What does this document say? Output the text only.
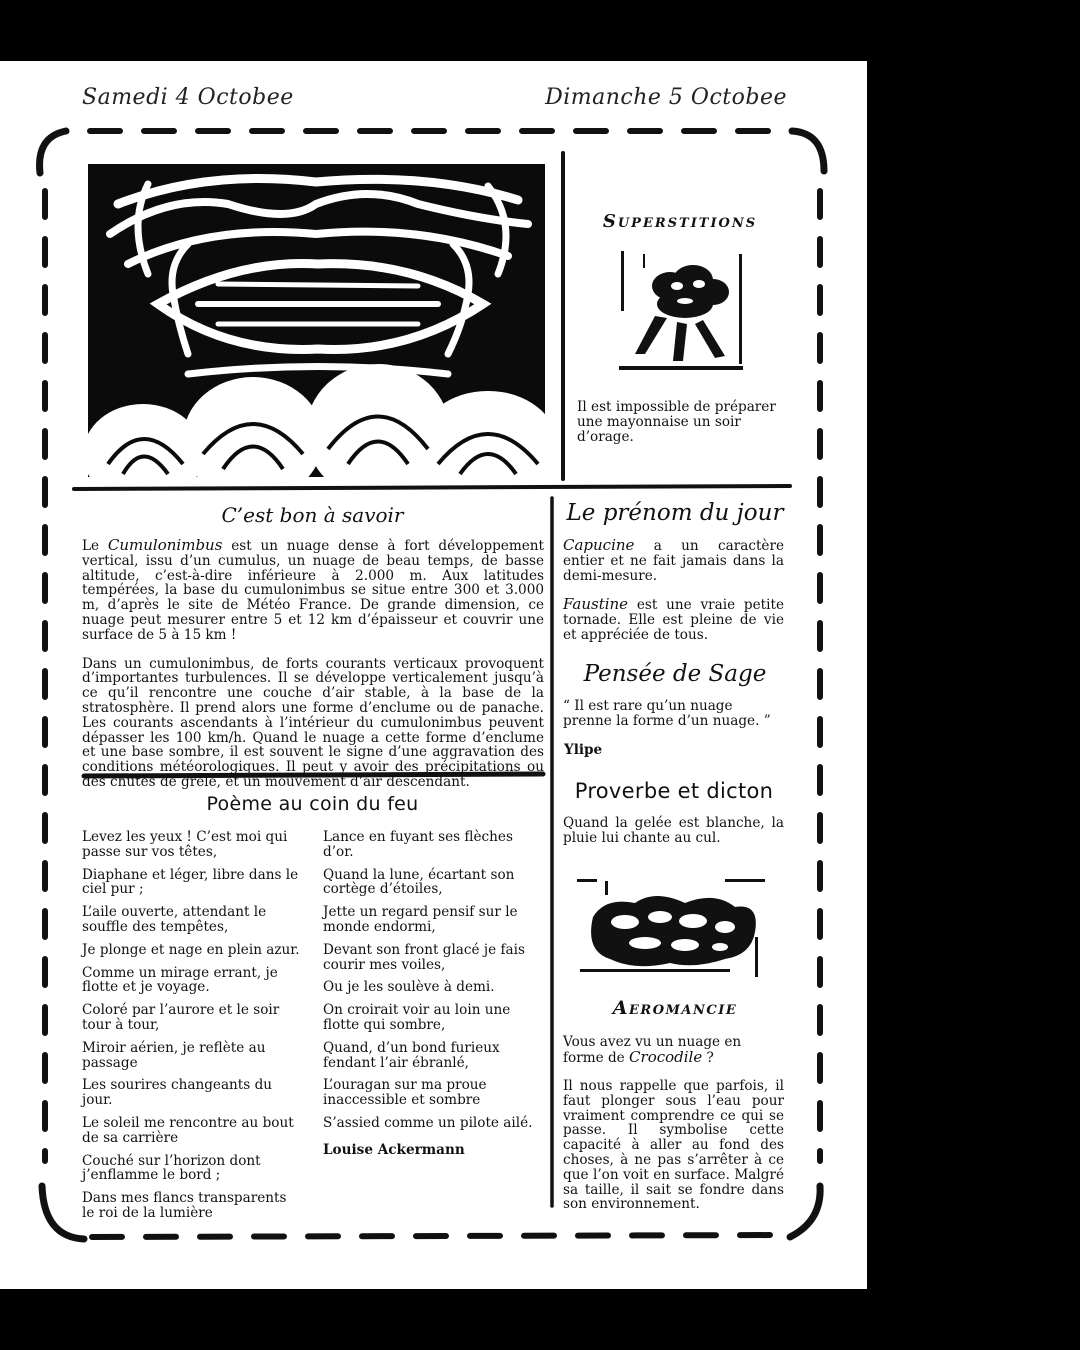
Samedi 4 Octobee	Dimanche 5 Octobee
Superstitions
Il est impossible de préparer une mayonnaise un soir d’orage.
C’est bon à savoir

Le Cumulonimbus est un nuage dense à fort développement vertical, issu d’un cumulus, un nuage de beau temps, de basse altitude, c’est-à-dire inférieure à 2.000 m. Aux latitudes tempérées, la base du cumulonimbus se situe entre 300 et 3.000 m, d’après le site de Météo France. De grande dimension, ce nuage peut mesurer entre 5 et 12 km d’épaisseur et couvrir une surface de 5 à 15 km !

Dans un cumulonimbus, de forts courants verticaux provoquent d’importantes turbulences. Il se développe verticalement jusqu’à ce qu’il rencontre une couche d’air stable, à la base de la stratosphère. Il prend alors une forme d’enclume ou de panache. Les courants ascendants à l’intérieur du cumulonimbus peuvent dépasser les 100 km/h. Quand le nuage a cette forme d’enclume et une base sombre, il est souvent le signe d’une aggravation des conditions météorologiques. Il peut y avoir des précipitations ou des chutes de grêle, et un mouvement d’air descendant.

Poème au coin du feu
Levez les yeux ! C’est moi qui passe sur vos têtes,
Diaphane et léger, libre dans le ciel pur ;
L’aile ouverte, attendant le souffle des tempêtes,
Je plonge et nage en plein azur.
Comme un mirage errant, je flotte et je voyage.
Coloré par l’aurore et le soir tour à tour,
Miroir aérien, je reflète au passage
Les sourires changeants du jour.
Le soleil me rencontre au bout de sa carrière
Couché sur l’horizon dont j’enflamme le bord ;
Dans mes flancs transparents le roi de la lumière
Lance en fuyant ses flèches d’or.
Quand la lune, écartant son cortège d’étoiles,
Jette un regard pensif sur le monde endormi,
Devant son front glacé je fais courir mes voiles,
Ou je les soulève à demi.
On croirait voir au loin une flotte qui sombre,
Quand, d’un bond furieux fendant l’air ébranlé,
L’ouragan sur ma proue inaccessible et sombre
S’assied comme un pilote ailé.
Louise Ackermann
Le prénom du jour

Capucine a un caractère entier et ne fait jamais dans la demi-mesure.

Faustine est une vraie petite tornade. Elle est pleine de vie et appréciée de tous.

Pensée de Sage
“ Il est rare qu’un nuage prenne la forme d’un nuage. ”
Ylipe
Proverbe et dicton
Quand la gelée est blanche, la pluie lui chante au cul.
Aeromancie
Vous avez vu un nuage en forme de Crocodile ?
Il nous rappelle que parfois, il faut plonger sous l’eau pour vraiment comprendre ce qui se passe. Il symbolise cette capacité à aller au fond des choses, à ne pas s’arrêter à ce que l’on voit en surface. Malgré sa taille, il sait se fondre dans son environnement.
